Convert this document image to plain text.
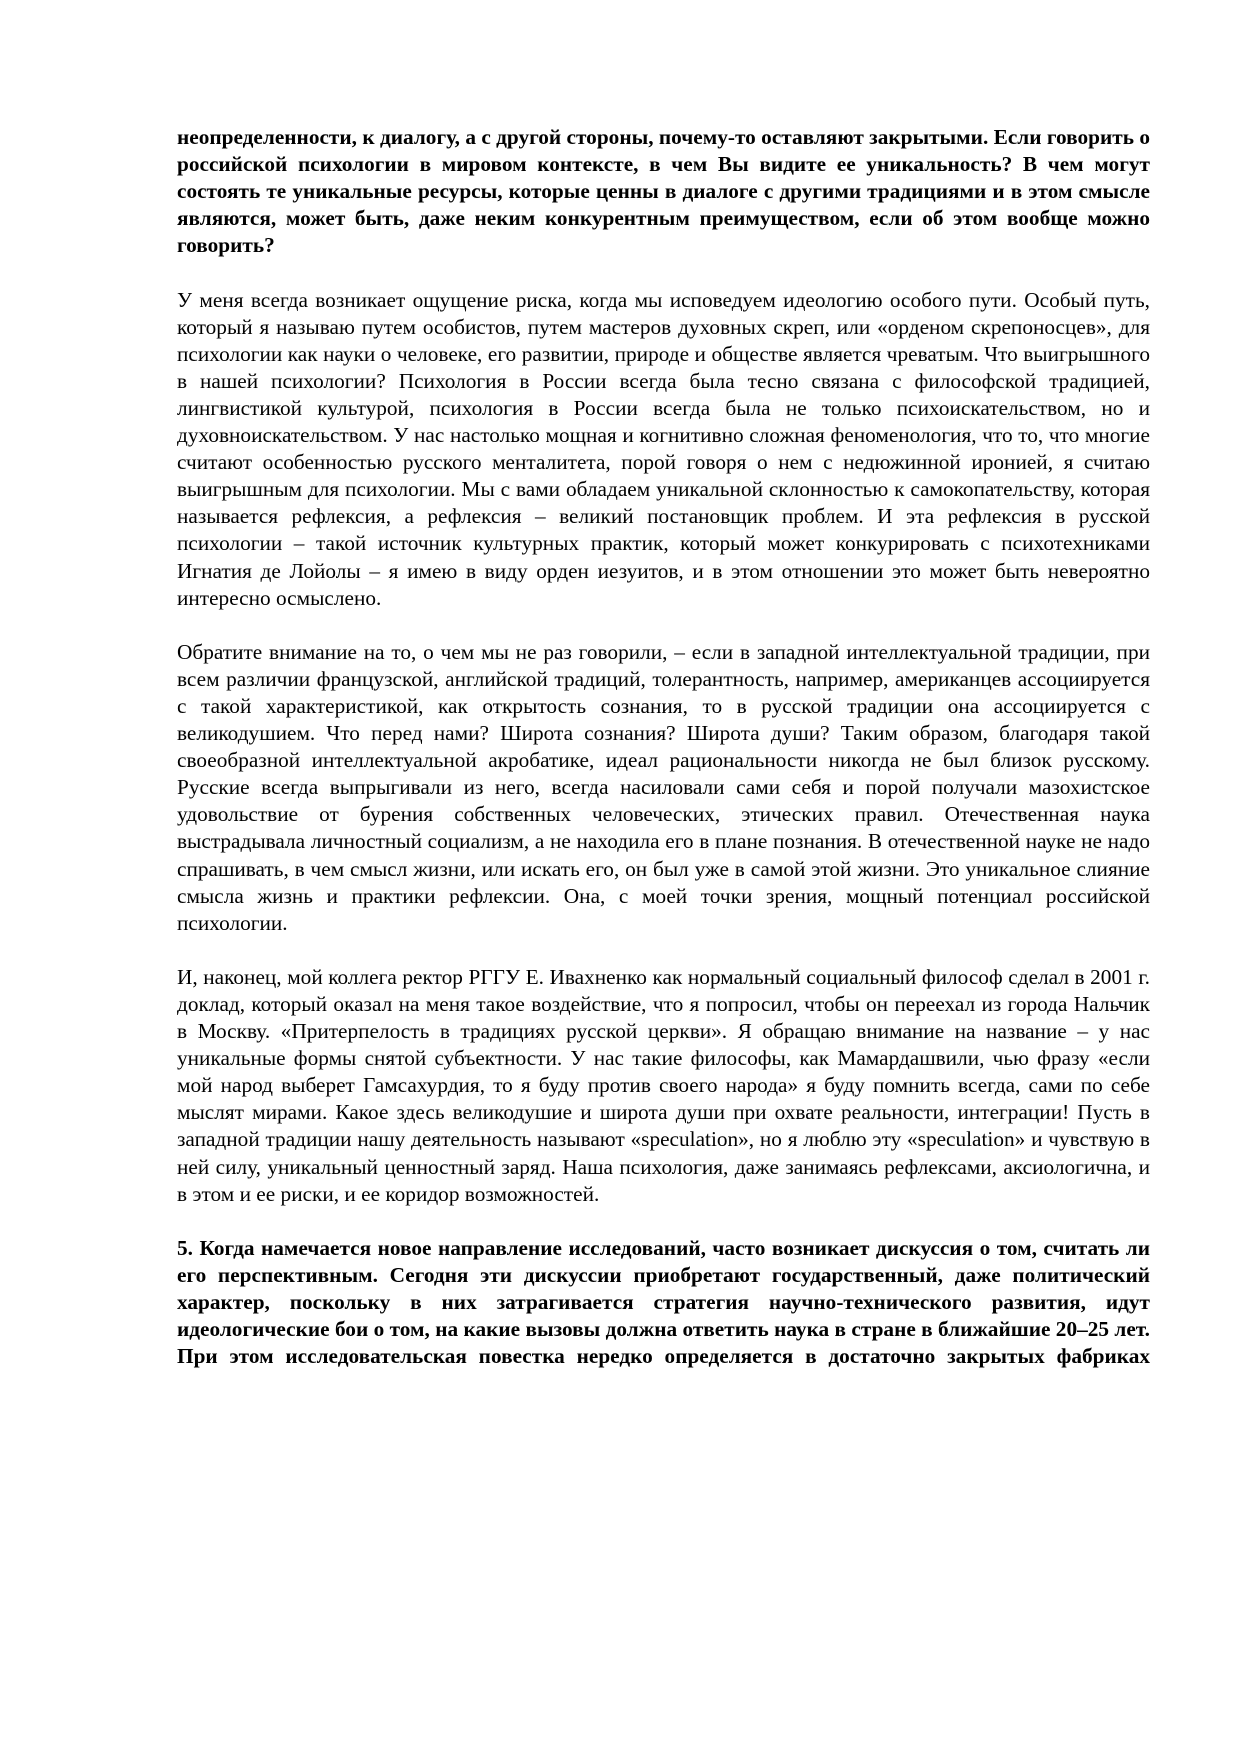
неопределенности, к диалогу, а с другой стороны, почему-то оставляют закрытыми. Если говорить о российской психологии в мировом контексте, в чем Вы видите ее уникальность? В чем могут состоять те уникальные ресурсы, которые ценны в диалоге с другими традициями и в этом смысле являются, может быть, даже неким конкурентным преимуществом, если об этом вообще можно говорить?

У меня всегда возникает ощущение риска, когда мы исповедуем идеологию особого пути. Особый путь, который я называю путем особистов, путем мастеров духовных скреп, или «орденом скрепоносцев», для психологии как науки о человеке, его развитии, природе и обществе является чреватым. Что выигрышного в нашей психологии? Психология в России всегда была тесно связана с философской традицией, лингвистикой культурой, психология в России всегда была не только психоискательством, но и духовноискательством. У нас настолько мощная и когнитивно сложная феноменология, что то, что многие считают особенностью русского менталитета, порой говоря о нем с недюжинной иронией, я считаю выигрышным для психологии. Мы с вами обладаем уникальной склонностью к самокопательству, которая называется рефлексия, а рефлексия – великий постановщик проблем. И эта рефлексия в русской психологии – такой источник культурных практик, который может конкурировать с психотехниками Игнатия де Лойолы – я имею в виду орден иезуитов, и в этом отношении это может быть невероятно интересно осмыслено.

Обратите внимание на то, о чем мы не раз говорили, – если в западной интеллектуальной традиции, при всем различии французской, английской традиций, толерантность, например, американцев ассоциируется с такой характеристикой, как открытость сознания, то в русской традиции она ассоциируется с великодушием. Что перед нами? Широта сознания? Широта души? Таким образом, благодаря такой своеобразной интеллектуальной акробатике, идеал рациональности никогда не был близок русскому. Русские всегда выпрыгивали из него, всегда насиловали сами себя и порой получали мазохистское удовольствие от бурения собственных человеческих, этических правил. Отечественная наука выстрадывала личностный социализм, а не находила его в плане познания. В отечественной науке не надо спрашивать, в чем смысл жизни, или искать его, он был уже в самой этой жизни. Это уникальное слияние смысла жизнь и практики рефлексии. Она, с моей точки зрения, мощный потенциал российской психологии.

И, наконец, мой коллега ректор РГГУ Е. Ивахненко как нормальный социальный философ сделал в 2001 г. доклад, который оказал на меня такое воздействие, что я попросил, чтобы он переехал из города Нальчик в Москву. «Притерпелость в традициях русской церкви». Я обращаю внимание на название – у нас уникальные формы снятой субъектности. У нас такие философы, как Мамардашвили, чью фразу «если мой народ выберет Гамсахурдия, то я буду против своего народа» я буду помнить всегда, сами по себе мыслят мирами. Какое здесь великодушие и широта души при охвате реальности, интеграции! Пусть в западной традиции нашу деятельность называют «speculation», но я люблю эту «speculation» и чувствую в ней силу, уникальный ценностный заряд. Наша психология, даже занимаясь рефлексами, аксиологична, и в этом и ее риски, и ее коридор возможностей.

5. Когда намечается новое направление исследований, часто возникает дискуссия о том, считать ли его перспективным. Сегодня эти дискуссии приобретают государственный, даже политический характер, поскольку в них затрагивается стратегия научно-технического развития, идут идеологические бои о том, на какие вызовы должна ответить наука в стране в ближайшие 20–25 лет. При этом исследовательская повестка нередко определяется в достаточно закрытых фабриках
